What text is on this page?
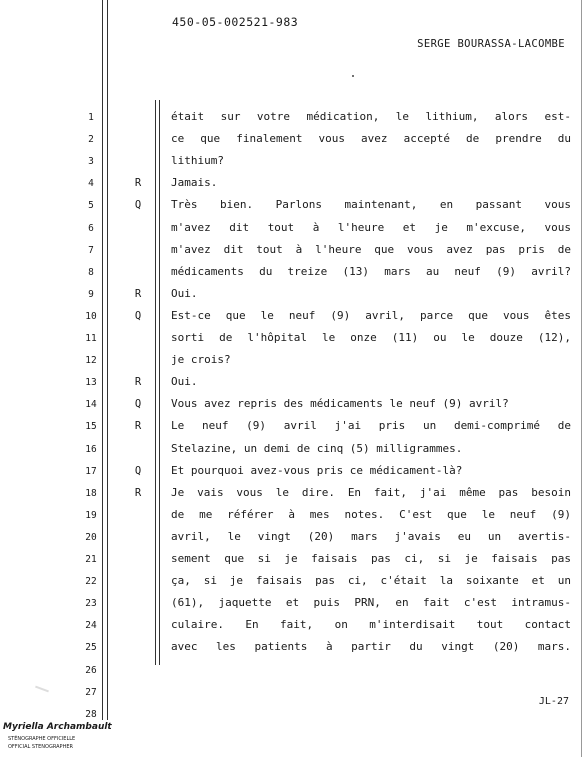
450-05-002521-983
SERGE BOURASSA-LACOMBE
1	était sur votre médication, le lithium, alors est-
2	ce que finalement vous avez accepté de prendre du
3	lithium?
4	R	Jamais.
5	Q	Très bien. Parlons maintenant, en passant vous
6	m'avez dit tout à l'heure et je m'excuse, vous
7	m'avez dit tout à l'heure que vous avez pas pris de
8	médicaments du treize (13) mars au neuf (9) avril?
9	R	Oui.
10	Q	Est-ce que le neuf (9) avril, parce que vous êtes
11	sorti de l'hôpital le onze (11) ou le douze (12),
12	je crois?
13	R	Oui.
14	Q	Vous avez repris des médicaments le neuf (9) avril?
15	R	Le neuf (9) avril j'ai pris un demi-comprimé de
16	Stelazine, un demi de cinq (5) milligrammes.
17	Q	Et pourquoi avez-vous pris ce médicament-là?
18	R	Je vais vous le dire. En fait, j'ai même pas besoin
19	de me référer à mes notes. C'est que le neuf (9)
20	avril, le vingt (20) mars j'avais eu un avertis-
21	sement que si je faisais pas ci, si je faisais pas
22	ça, si je faisais pas ci, c'était la soixante et un
23	(61), jaquette et puis PRN, en fait c'est intramus-
24	culaire. En fait, on m'interdisait tout contact
25	avec les patients à partir du vingt (20) mars.
26
27
28
JL-27
Myriella Archambault
STÉNOGRAPHE OFFICIELLE
OFFICIAL STENOGRAPHER
